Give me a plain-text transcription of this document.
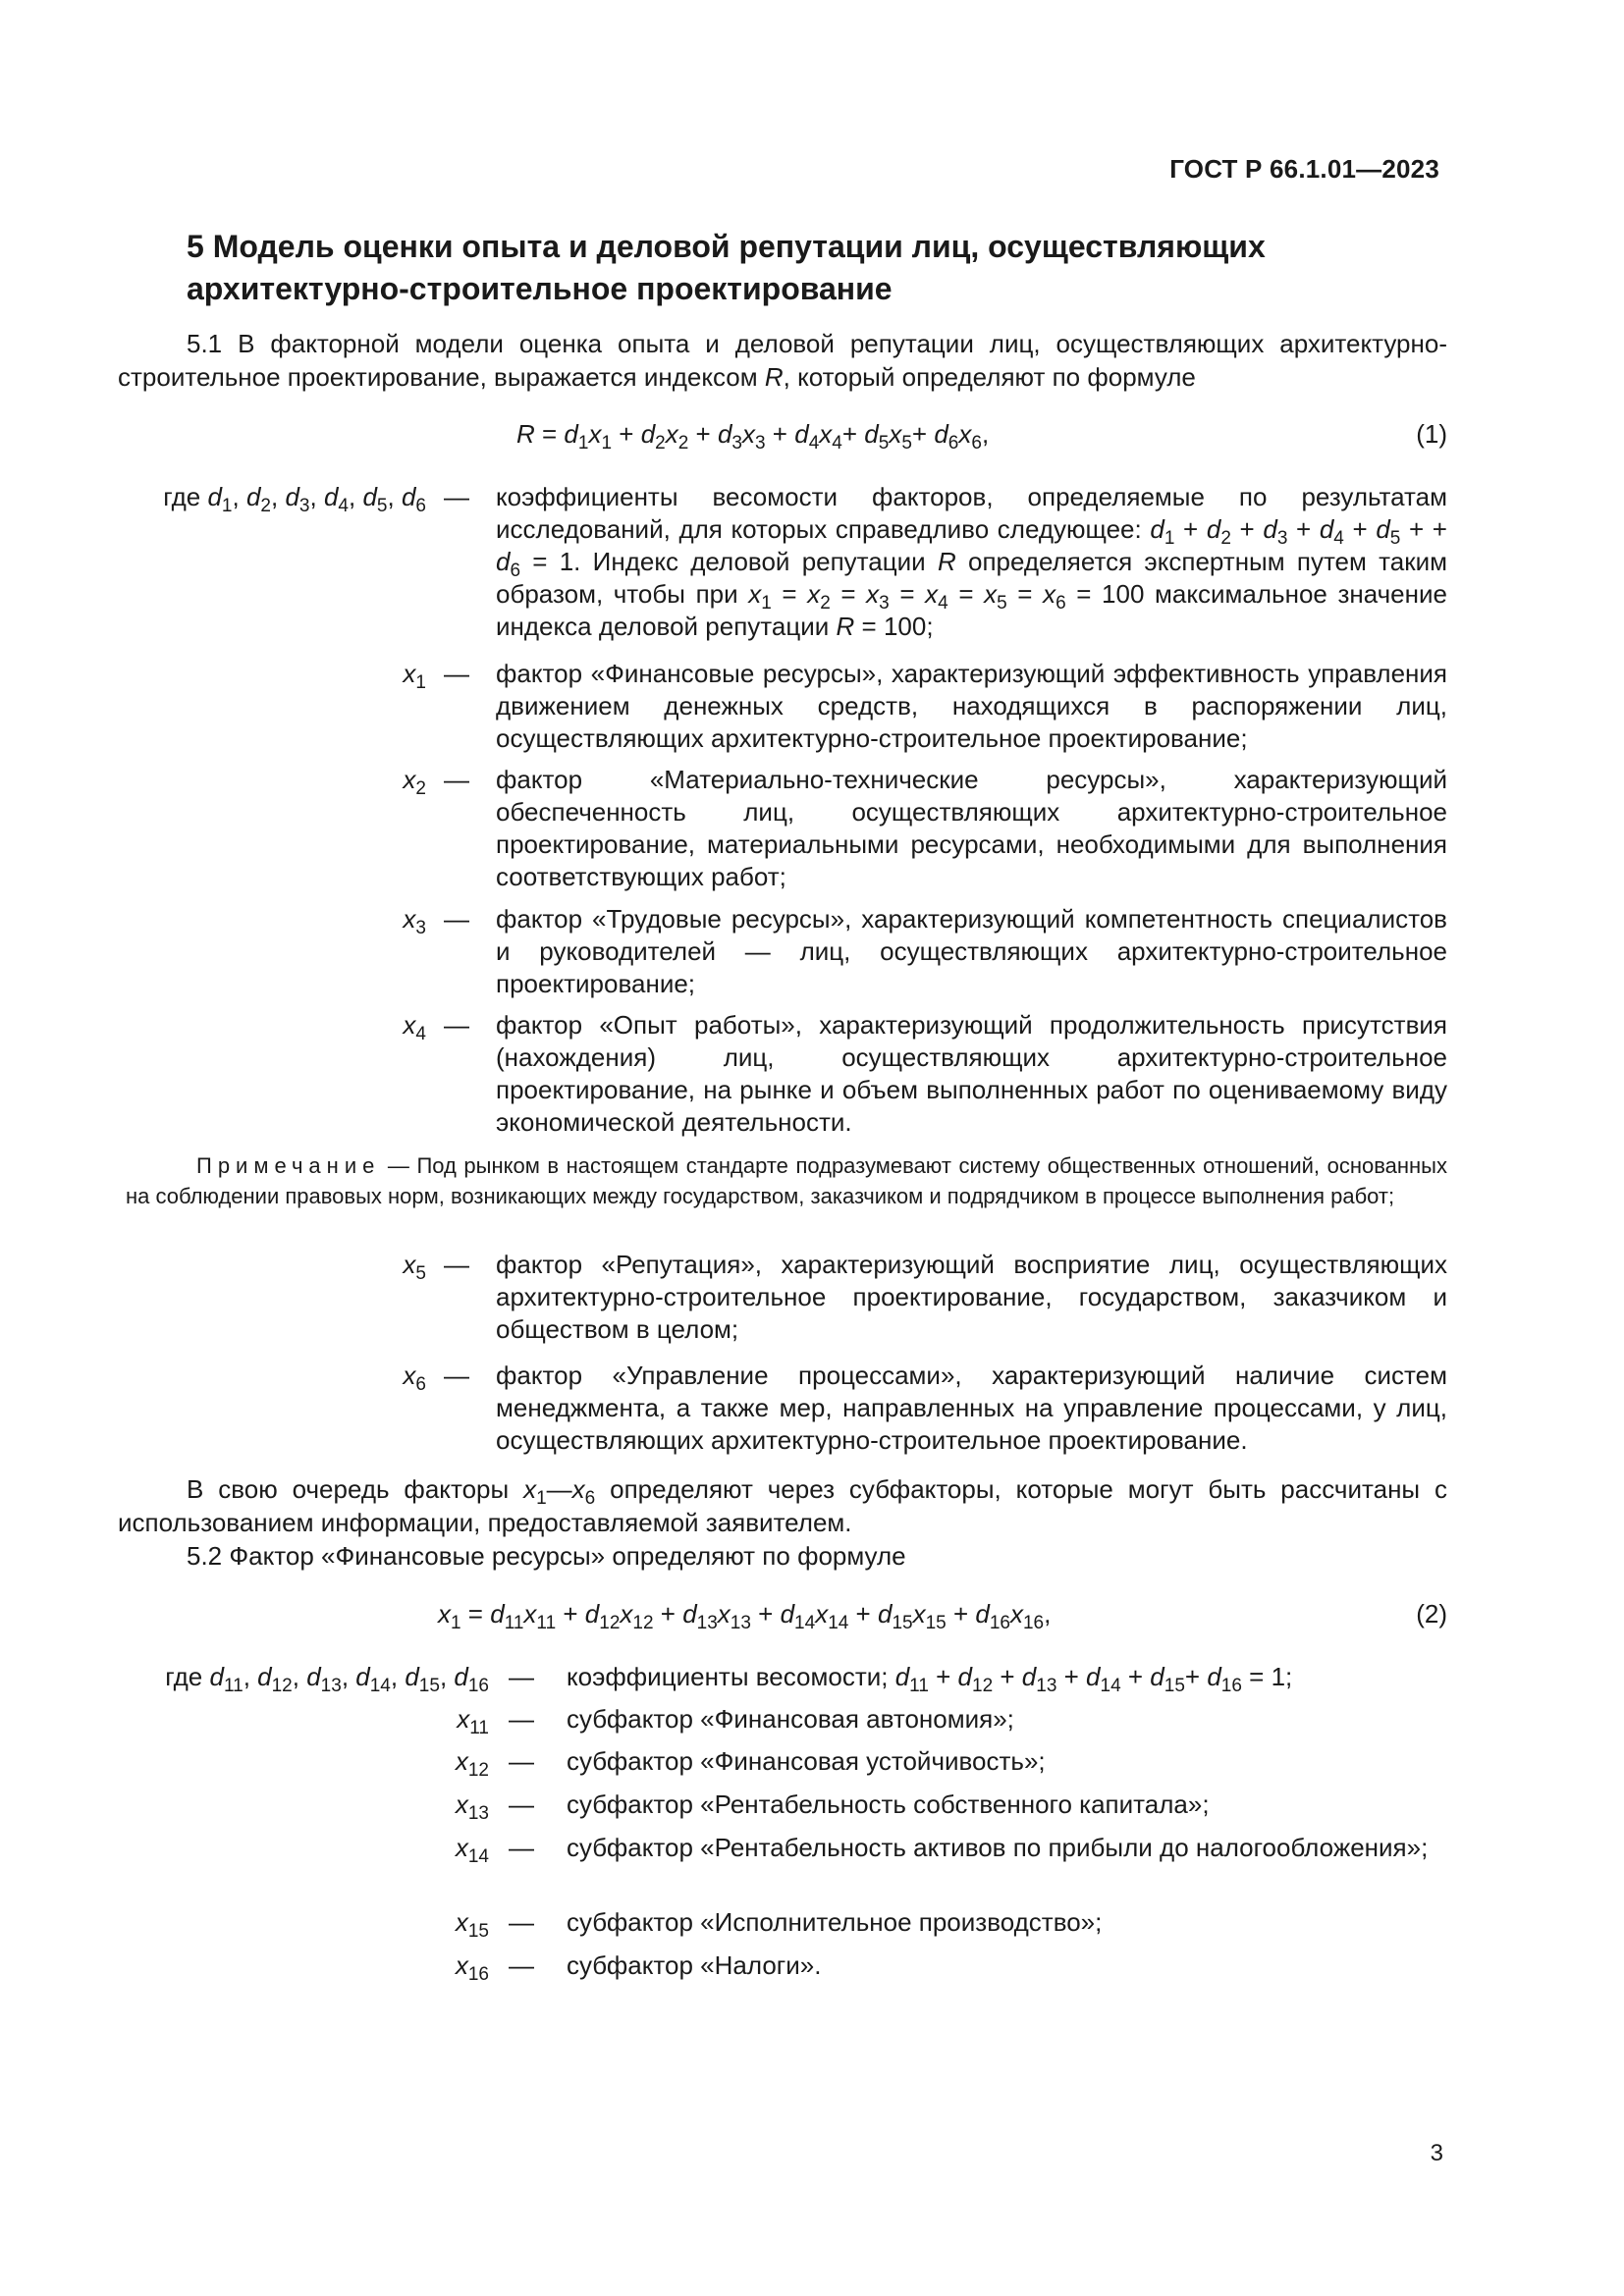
ГОСТ Р 66.1.01—2023
5 Модель оценки опыта и деловой репутации лиц, осуществляющих
архитектурно-строительное проектирование
5.1 В факторной модели оценка опыта и деловой репутации лиц, осуществляющих архитектурно-строительное проектирование, выражается индексом R, который определяют по формуле
$R = d_1x_1 + d_2x_2 + d_3x_3 + d_4x_4+ d_5x_5+ d_6x_6$,	(1)
где $d_1$, $d_2$, $d_3$, $d_4$, $d_5$, $d_6$ — коэффициенты весомости факторов, определяемые по результатам исследований, для которых справедливо следующее: $d_1 + d_2 + d_3 + d_4 + d_5$ + + $d_6 = 1$. Индекс деловой репутации R определяется экспертным путем таким образом, чтобы при $x_1 = x_2 = x_3 = x_4 = x_5 = x_6 = 100$ максимальное значение индекса деловой репутации R = 100;
$x_1$ — фактор «Финансовые ресурсы», характеризующий эффективность управления движением денежных средств, находящихся в распоряжении лиц, осуществляющих архитектурно-строительное проектирование;
$x_2$ — фактор «Материально-технические ресурсы», характеризующий обеспеченность лиц, осуществляющих архитектурно-строительное проектирование, материальными ресурсами, необходимыми для выполнения соответствующих работ;
$x_3$ — фактор «Трудовые ресурсы», характеризующий компетентность специалистов и руководителей — лиц, осуществляющих архитектурно-строительное проектирование;
$x_4$ — фактор «Опыт работы», характеризующий продолжительность присутствия (нахождения) лиц, осуществляющих архитектурно-строительное проектирование, на рынке и объем выполненных работ по оцениваемому виду экономической деятельности.
Примечание — Под рынком в настоящем стандарте подразумевают систему общественных отношений, основанных на соблюдении правовых норм, возникающих между государством, заказчиком и подрядчиком в процессе выполнения работ;
$x_5$ — фактор «Репутация», характеризующий восприятие лиц, осуществляющих архитектурно-строительное проектирование, государством, заказчиком и обществом в целом;
$x_6$ — фактор «Управление процессами», характеризующий наличие систем менеджмента, а также мер, направленных на управление процессами, у лиц, осуществляющих архитектурно-строительное проектирование.
В свою очередь факторы $x_1—x_6$ определяют через субфакторы, которые могут быть рассчитаны с использованием информации, предоставляемой заявителем.
5.2 Фактор «Финансовые ресурсы» определяют по формуле
$x_1 = d_{11}x_{11} + d_{12}x_{12} + d_{13}x_{13} + d_{14}x_{14} + d_{15}x_{15} + d_{16}x_{16}$,	(2)
где $d_{11}$, $d_{12}$, $d_{13}$, $d_{14}$, $d_{15}$, $d_{16}$ — коэффициенты весомости; $d_{11} + d_{12} + d_{13} + d_{14} + d_{15}+ d_{16} = 1$;
$x_{11}$ — субфактор «Финансовая автономия»;
$x_{12}$ — субфактор «Финансовая устойчивость»;
$x_{13}$ — субфактор «Рентабельность собственного капитала»;
$x_{14}$ — субфактор «Рентабельность активов по прибыли до налогообложения»;
$x_{15}$ — субфактор «Исполнительное производство»;
$x_{16}$ — субфактор «Налоги».
3
